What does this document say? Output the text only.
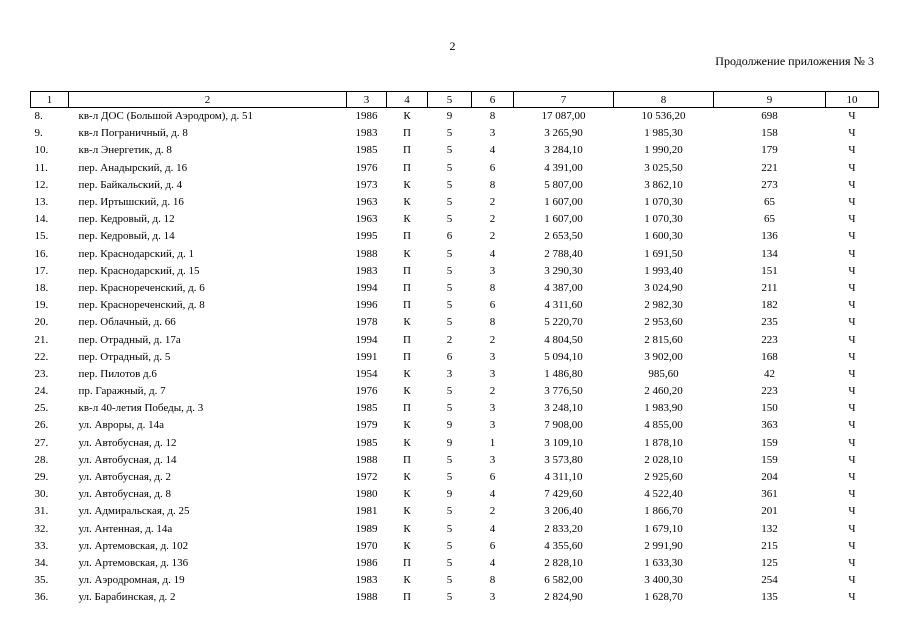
2
Продолжение приложения № 3
1	2	3	4	5	6	7	8	9	10
8.	кв-л ДОС (Большой Аэродром), д. 51	1986	К	9	8	17 087,00	10 536,20	698	Ч
9.	кв-л Пограничный, д. 8	1983	П	5	3	3 265,90	1 985,30	158	Ч
10.	кв-л Энергетик, д. 8	1985	П	5	4	3 284,10	1 990,20	179	Ч
11.	пер. Анадырский, д. 16	1976	П	5	6	4 391,00	3 025,50	221	Ч
12.	пер. Байкальский, д. 4	1973	К	5	8	5 807,00	3 862,10	273	Ч
13.	пер. Иртышский, д. 16	1963	К	5	2	1 607,00	1 070,30	65	Ч
14.	пер. Кедровый, д. 12	1963	К	5	2	1 607,00	1 070,30	65	Ч
15.	пер. Кедровый, д. 14	1995	П	6	2	2 653,50	1 600,30	136	Ч
16.	пер. Краснодарский, д. 1	1988	К	5	4	2 788,40	1 691,50	134	Ч
17.	пер. Краснодарский, д. 15	1983	П	5	3	3 290,30	1 993,40	151	Ч
18.	пер. Краснореченский, д. 6	1994	П	5	8	4 387,00	3 024,90	211	Ч
19.	пер. Краснореченский, д. 8	1996	П	5	6	4 311,60	2 982,30	182	Ч
20.	пер. Облачный, д. 66	1978	К	5	8	5 220,70	2 953,60	235	Ч
21.	пер. Отрадный, д. 17а	1994	П	2	2	4 804,50	2 815,60	223	Ч
22.	пер. Отрадный, д. 5	1991	П	6	3	5 094,10	3 902,00	168	Ч
23.	пер. Пилотов д.6	1954	К	3	3	1 486,80	985,60	42	Ч
24.	пр. Гаражный, д. 7	1976	К	5	2	3 776,50	2 460,20	223	Ч
25.	кв-л 40-летия Победы, д. 3	1985	П	5	3	3 248,10	1 983,90	150	Ч
26.	ул. Авроры, д. 14а	1979	К	9	3	7 908,00	4 855,00	363	Ч
27.	ул. Автобусная, д. 12	1985	К	9	1	3 109,10	1 878,10	159	Ч
28.	ул. Автобусная, д. 14	1988	П	5	3	3 573,80	2 028,10	159	Ч
29.	ул. Автобусная, д. 2	1972	К	5	6	4 311,10	2 925,60	204	Ч
30.	ул. Автобусная, д. 8	1980	К	9	4	7 429,60	4 522,40	361	Ч
31.	ул. Адмиральская, д. 25	1981	К	5	2	3 206,40	1 866,70	201	Ч
32.	ул. Антенная, д. 14а	1989	К	5	4	2 833,20	1 679,10	132	Ч
33.	ул. Артемовская, д. 102	1970	К	5	6	4 355,60	2 991,90	215	Ч
34.	ул. Артемовская, д. 136	1986	П	5	4	2 828,10	1 633,30	125	Ч
35.	ул. Аэродромная, д. 19	1983	К	5	8	6 582,00	3 400,30	254	Ч
36.	ул. Барабинская, д. 2	1988	П	5	3	2 824,90	1 628,70	135	Ч
